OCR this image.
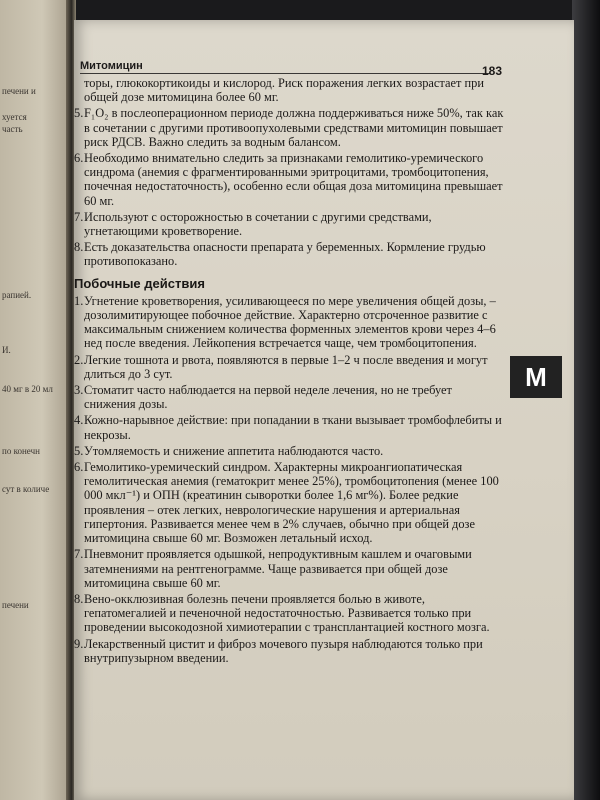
печени и
хуется
часть
рапией.
И.
40 мг в 20 мл
по конечн
сут в количе
печени
Митомицин	183

торы, глюкокортикоиды и кислород. Риск поражения легких возрастает при общей дозе митомицина более 60 мг.
5. F₁O₂ в послеоперационном периоде должна поддерживаться ниже 50%, так как в сочетании с другими противоопухолевыми средствами митомицин повышает риск РДСВ. Важно следить за водным балансом.
6. Необходимо внимательно следить за признаками гемолитико-уремического синдрома (анемия с фрагментированными эритроцитами, тромбоцитопения, почечная недостаточность), особенно если общая доза митомицина превышает 60 мг.
7. Используют с осторожностью в сочетании с другими средствами, угнетающими кроветворение.
8. Есть доказательства опасности препарата у беременных. Кормление грудью противопоказано.
Побочные действия
1. Угнетение кроветворения, усиливающееся по мере увеличения общей дозы, – дозолимитирующее побочное действие. Характерно отсроченное развитие с максимальным снижением количества форменных элементов крови через 4–6 нед после введения. Лейкопения встречается чаще, чем тромбоцитопения.
2. Легкие тошнота и рвота, появляются в первые 1–2 ч после введения и могут длиться до 3 сут.
3. Стоматит часто наблюдается на первой неделе лечения, но не требует снижения дозы.
4. Кожно-нарывное действие: при попадании в ткани вызывает тромбофлебиты и некрозы.
5. Утомляемость и снижение аппетита наблюдаются часто.
6. Гемолитико-уремический синдром. Характерны микроангиопатическая гемолитическая анемия (гематокрит менее 25%), тромбоцитопения (менее 100 000 мкл⁻¹) и ОПН (креатинин сыворотки более 1,6 мг%). Более редкие проявления – отек легких, неврологические нарушения и артериальная гипертония. Развивается менее чем в 2% случаев, обычно при общей дозе митомицина свыше 60 мг. Возможен летальный исход.
7. Пневмонит проявляется одышкой, непродуктивным кашлем и очаговыми затемнениями на рентгенограмме. Чаще развивается при общей дозе митомицина свыше 60 мг.
8. Вено-окклюзивная болезнь печени проявляется болью в животе, гепатомегалией и печеночной недостаточностью. Развивается только при проведении высокодозной химиотерапии с трансплантацией костного мозга.
9. Лекарственный цистит и фиброз мочевого пузыря наблюдаются только при внутрипузырном введении.
M
